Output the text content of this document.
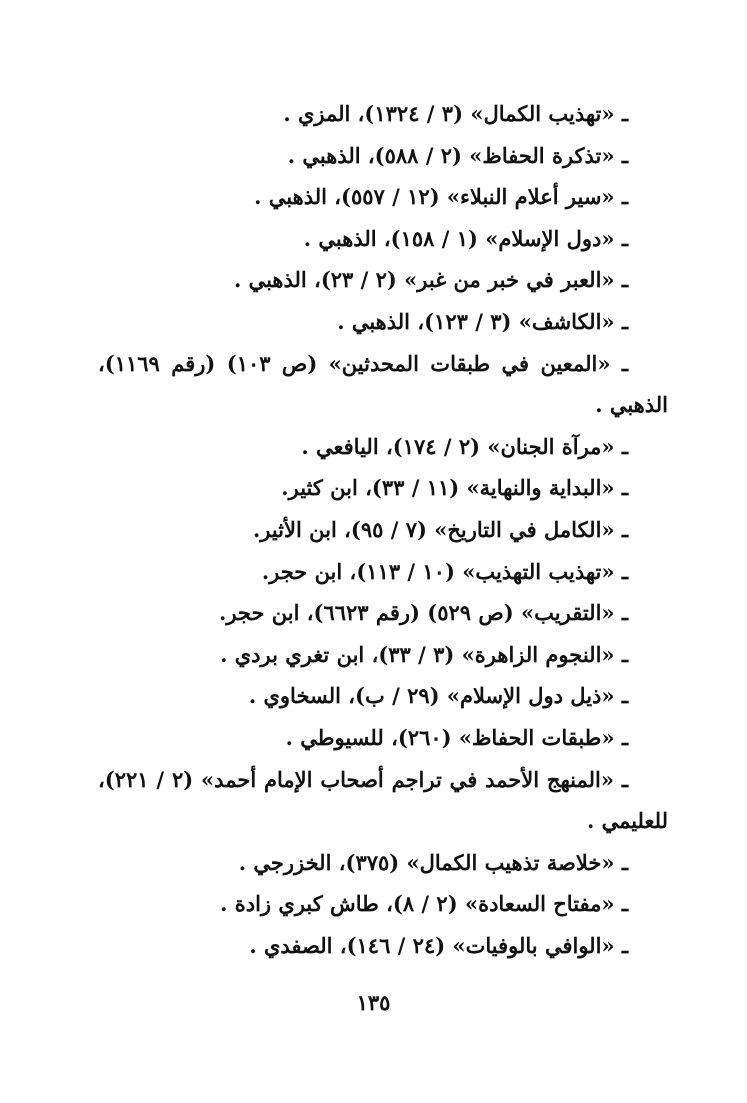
ـ «تهذيب الكمال» (٣ / ١٣٢٤)، المزي .
ـ «تذكرة الحفاظ» (٢ / ٥٨٨)، الذهبي .
ـ «سير أعلام النبلاء» (١٢ / ٥٥٧)، الذهبي .
ـ «دول الإسلام» (١ / ١٥٨)، الذهبي .
ـ «العبر في خبر من غبر» (٢ / ٢٣)، الذهبي .
ـ «الكاشف» (٣ / ١٢٣)، الذهبي .
ـ «المعين في طبقات المحدثين» (ص ١٠٣) (رقم ١١٦٩)،
الذهبي .
ـ «مرآة الجنان» (٢ / ١٧٤)، اليافعي .
ـ «البداية والنهاية» (١١ / ٣٣)، ابن كثير.
ـ «الكامل في التاريخ» (٧ / ٩٥)، ابن الأثير.
ـ «تهذيب التهذيب» (١٠ / ١١٣)، ابن حجر.
ـ «التقريب» (ص ٥٢٩) (رقم ٦٦٢٣)، ابن حجر.
ـ «النجوم الزاهرة» (٣ / ٣٣)، ابن تغري بردي .
ـ «ذيل دول الإسلام» (٢٩ / ب)، السخاوي .
ـ «طبقات الحفاظ» (٢٦٠)، للسيوطي .
ـ «المنهج الأحمد في تراجم أصحاب الإمام أحمد» (٢ / ٢٢١)،
للعليمي .
ـ «خلاصة تذهيب الكمال» (٣٧٥)، الخزرجي .
ـ «مفتاح السعادة» (٢ / ٨)، طاش كبري زادة .
ـ «الوافي بالوفيات» (٢٤ / ١٤٦)، الصفدي .
١٣٥
